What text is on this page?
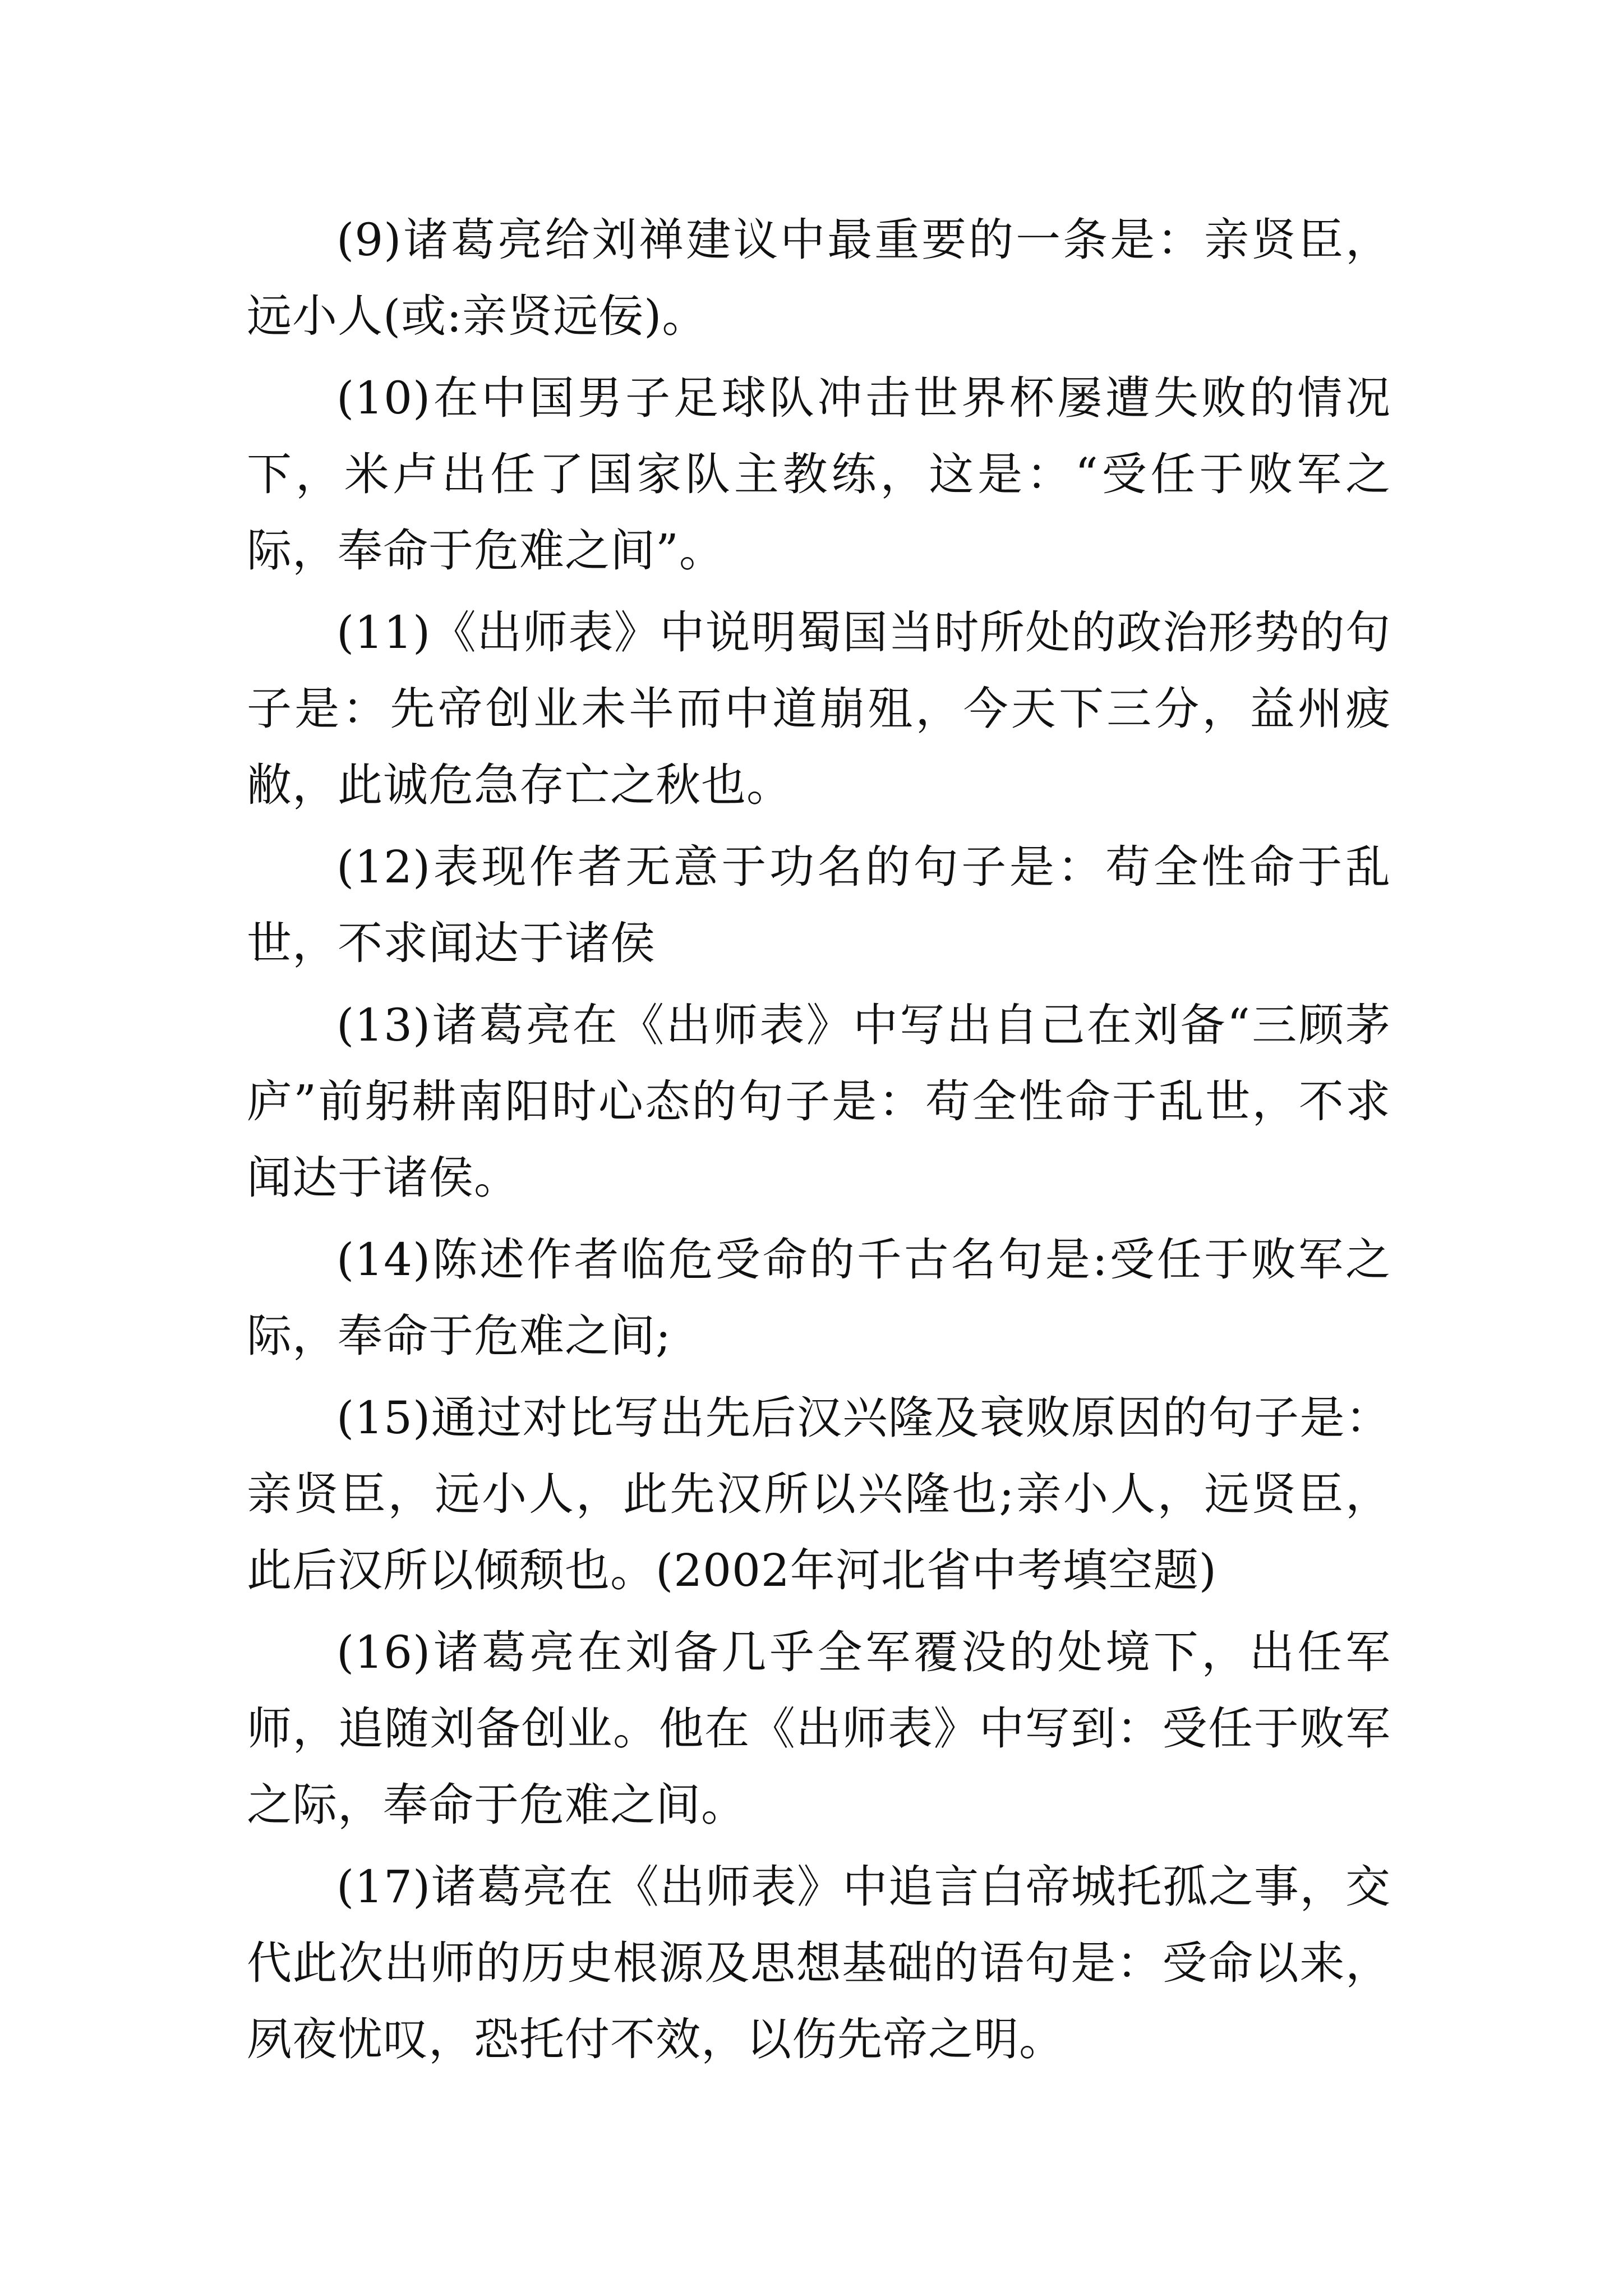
(9)诸葛亮给刘禅建议中最重要的一条是：亲贤臣，远小人(或:亲贤远佞)。

(10)在中国男子足球队冲击世界杯屡遭失败的情况下，米卢出任了国家队主教练，这是：“受任于败军之际，奉命于危难之间”。

(11)《出师表》中说明蜀国当时所处的政治形势的句子是：先帝创业未半而中道崩殂，今天下三分，益州疲敝，此诚危急存亡之秋也。

(12)表现作者无意于功名的句子是：苟全性命于乱世，不求闻达于诸侯

(13)诸葛亮在《出师表》中写出自己在刘备“三顾茅庐”前躬耕南阳时心态的句子是：苟全性命于乱世，不求闻达于诸侯。

(14)陈述作者临危受命的千古名句是:受任于败军之际，奉命于危难之间;

(15)通过对比写出先后汉兴隆及衰败原因的句子是：亲贤臣，远小人，此先汉所以兴隆也;亲小人，远贤臣，此后汉所以倾颓也。(2002年河北省中考填空题)

(16)诸葛亮在刘备几乎全军覆没的处境下，出任军师，追随刘备创业。他在《出师表》中写到：受任于败军之际，奉命于危难之间。

(17)诸葛亮在《出师表》中追言白帝城托孤之事，交代此次出师的历史根源及思想基础的语句是：受命以来，夙夜忧叹，恐托付不效，以伤先帝之明。
